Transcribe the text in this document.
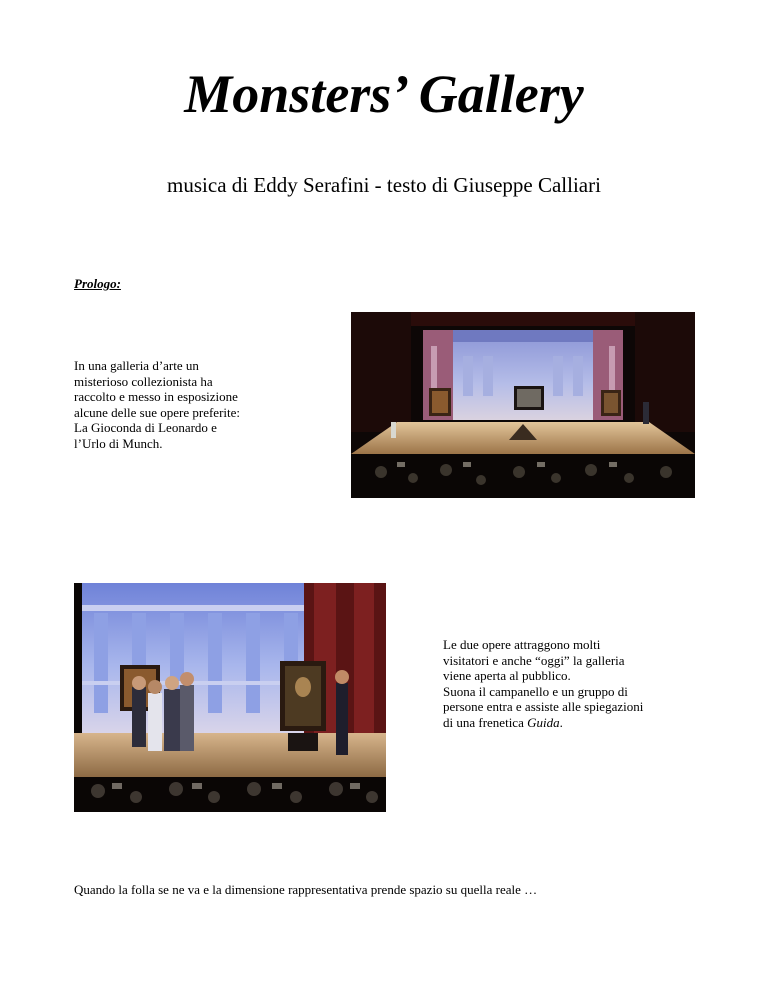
Monsters’ Gallery
musica di Eddy Serafini - testo di Giuseppe Calliari
Prologo:

In una galleria d’arte un

misterioso collezionista ha

raccolto e messo in esposizione

alcune delle sue opere preferite:

La Gioconda di Leonardo e

l’Urlo di Munch.

Le due opere attraggono molti

visitatori e anche “oggi” la galleria

viene aperta al pubblico.

Suona il campanello e un gruppo di

persone entra e assiste alle spiegazioni

di una frenetica Guida.

Quando la folla se ne va e la dimensione rappresentativa prende spazio su quella reale …
